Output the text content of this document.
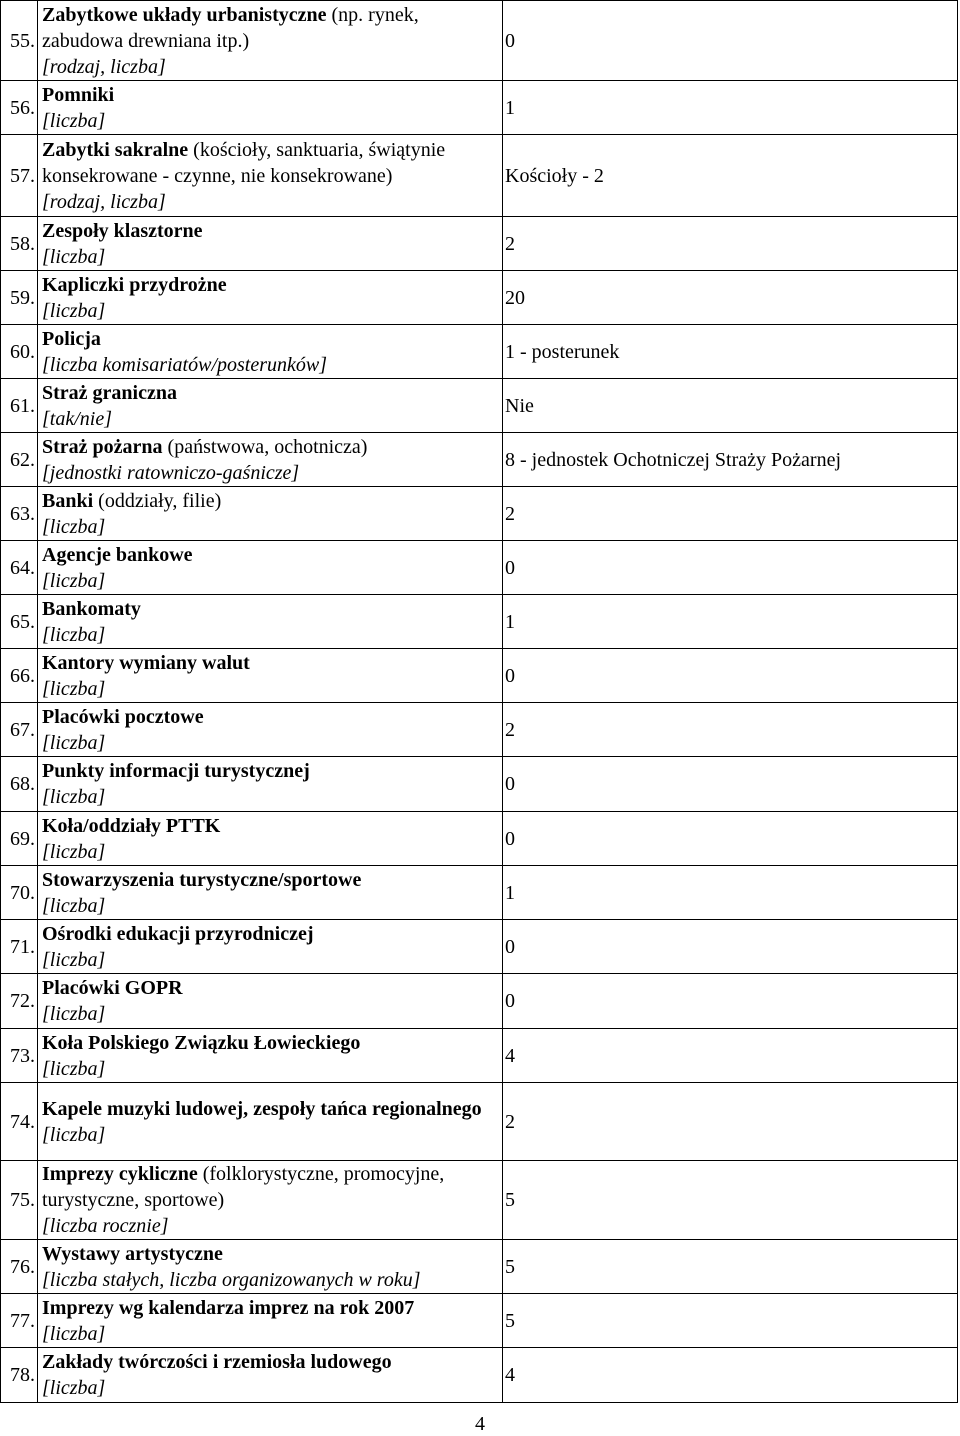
55.	Zabytkowe układy urbanistyczne (np. rynek,
zabudowa drewniana itp.)
[rodzaj, liczba]	0
56.	Pomniki
[liczba]	1
57.	Zabytki sakralne (kościoły, sanktuaria, świątynie
konsekrowane - czynne, nie konsekrowane)
[rodzaj, liczba]	Kościoły - 2
58.	Zespoły klasztorne
[liczba]	2
59.	Kapliczki przydrożne
[liczba]	20
60.	Policja
[liczba komisariatów/posterunków]	1 - posterunek
61.	Straż graniczna
[tak/nie]	Nie
62.	Straż pożarna (państwowa, ochotnicza)
[jednostki ratowniczo-gaśnicze]	8 - jednostek Ochotniczej Straży Pożarnej
63.	Banki (oddziały, filie)
[liczba]	2
64.	Agencje bankowe
[liczba]	0
65.	Bankomaty
[liczba]	1
66.	Kantory wymiany walut
[liczba]	0
67.	Placówki pocztowe
[liczba]	2
68.	Punkty informacji turystycznej
[liczba]	0
69.	Koła/oddziały PTTK
[liczba]	0
70.	Stowarzyszenia turystyczne/sportowe
[liczba]	1
71.	Ośrodki edukacji przyrodniczej
[liczba]	0
72.	Placówki GOPR
[liczba]	0
73.	Koła Polskiego Związku Łowieckiego
[liczba]	4
74.	Kapele muzyki ludowej, zespoły tańca regionalnego
[liczba]	2
75.	Imprezy cykliczne (folklorystyczne, promocyjne,
turystyczne, sportowe)
[liczba rocznie]	5
76.	Wystawy artystyczne
[liczba stałych, liczba organizowanych w roku]	5
77.	Imprezy wg kalendarza imprez na rok 2007
[liczba]	5
78.	Zakłady twórczości i rzemiosła ludowego
[liczba]	4
4
